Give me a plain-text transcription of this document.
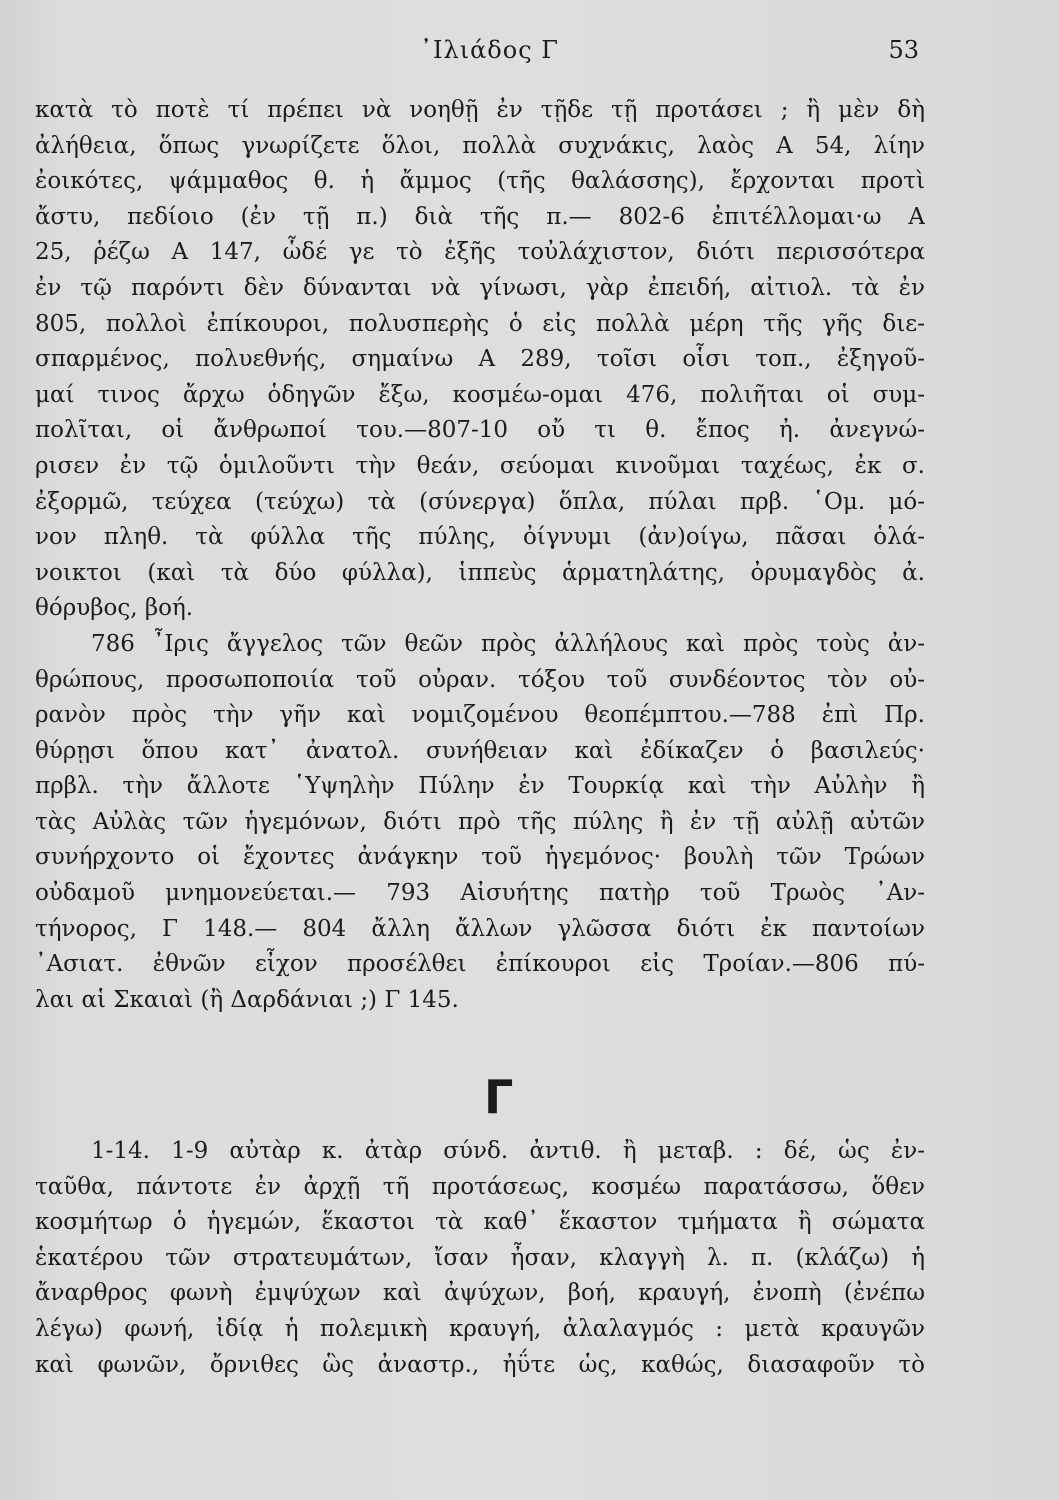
᾽Ιλιάδος Γ	53
κατὰ τὸ ποτὲ τί πρέπει νὰ νοηθῇ ἐν τῇδε τῇ προτάσει ; ἢ μὲν δὴ
ἀλήθεια, ὅπως γνωρίζετε ὅλοι, πολλὰ συχνάκις, λαὸς Α 54, λίην
ἐοικότες, ψάμμαθος θ. ἡ ἄμμος (τῆς θαλάσσης), ἔρχονται προτὶ
ἄστυ, πεδίοιο (ἐν τῇ π.) διὰ τῆς π.— 802-6 ἐπιτέλλομαι·ω Α
25, ῥέζω Α 147, ὧδέ γε τὸ ἑξῆς τοὐλάχιστον, διότι περισσότερα
ἐν τῷ παρόντι δὲν δύνανται νὰ γίνωσι, γὰρ ἐπειδή, αἰτιολ. τὰ ἐν
805, πολλοὶ ἐπίκουροι, πολυσπερὴς ὁ εἰς πολλὰ μέρη τῆς γῆς διε-
σπαρμένος, πολυεθνής, σημαίνω Α 289, τοῖσι οἷσι τοπ., ἐξηγοῦ-
μαί τινος ἄρχω ὁδηγῶν ἔξω, κοσμέω-ομαι 476, πολιῆται οἱ συμ-
πολῖται, οἱ ἄνθρωποί του.—807-10 οὔ τι θ. ἔπος ἠ. ἀνεγνώ-
ρισεν ἐν τῷ ὁμιλοῦντι τὴν θεάν, σεύομαι κινοῦμαι ταχέως, ἐκ σ.
ἐξορμῶ, τεύχεα (τεύχω) τὰ (σύνεργα) ὅπλα, πύλαι πρβ. ῾Ομ. μό-
νον πληθ. τὰ φύλλα τῆς πύλης, ὀίγνυμι (ἀν)οίγω, πᾶσαι ὁλά-
νοικτοι (καὶ τὰ δύο φύλλα), ἱππεὺς ἁρματηλάτης, ὀρυμαγδὸς ἀ.
θόρυβος, βοή.
786 ῏Ιρις ἄγγελος τῶν θεῶν πρὸς ἀλλήλους καὶ πρὸς τοὺς ἀν-
θρώπους, προσωποποιία τοῦ οὐραν. τόξου τοῦ συνδέοντος τὸν οὐ-
ρανὸν πρὸς τὴν γῆν καὶ νομιζομένου θεοπέμπτου.—788 ἐπὶ Πρ.
θύρῃσι ὅπου κατ᾽ ἀνατολ. συνήθειαν καὶ ἐδίκαζεν ὁ βασιλεύς·
πρβλ. τὴν ἄλλοτε ῾Υψηλὴν Πύλην ἐν Τουρκίᾳ καὶ τὴν Αὐλὴν ἢ
τὰς Αὐλὰς τῶν ἡγεμόνων, διότι πρὸ τῆς πύλης ἢ ἐν τῇ αὐλῇ αὐτῶν
συνήρχοντο οἱ ἔχοντες ἀνάγκην τοῦ ἡγεμόνος· βουλὴ τῶν Τρώων
οὐδαμοῦ μνημονεύεται.— 793 Αἰσυήτης πατὴρ τοῦ Τρωὸς ᾽Αν-
τήνορος, Γ 148.— 804 ἄλλη ἄλλων γλῶσσα διότι ἐκ παντοίων
᾽Ασιατ. ἐθνῶν εἶχον προσέλθει ἐπίκουροι εἰς Τροίαν.—806 πύ-
λαι αἱ Σκαιαὶ (ἢ Δαρδάνιαι ;) Γ 145.
Γ
1-14. 1-9 αὐτὰρ κ. ἀτὰρ σύνδ. ἀντιθ. ἢ μεταβ. : δέ, ὡς ἐν-
ταῦθα, πάντοτε ἐν ἀρχῇ τῆ προτάσεως, κοσμέω παρατάσσω, ὅθεν
κοσμήτωρ ὁ ἡγεμών, ἕκαστοι τὰ καθ᾽ ἕκαστον τμήματα ἢ σώματα
ἑκατέρου τῶν στρατευμάτων, ἴσαν ἦσαν, κλαγγὴ λ. π. (κλάζω) ἡ
ἄναρθρος φωνὴ ἐμψύχων καὶ ἀψύχων, βοή, κραυγή, ἐνοπὴ (ἐνέπω
λέγω) φωνή, ἰδίᾳ ἡ πολεμικὴ κραυγή, ἀλαλαγμός : μετὰ κραυγῶν
καὶ φωνῶν, ὄρνιθες ὣς ἀναστρ., ἠΰτε ὡς, καθώς, διασαφοῦν τὸ
